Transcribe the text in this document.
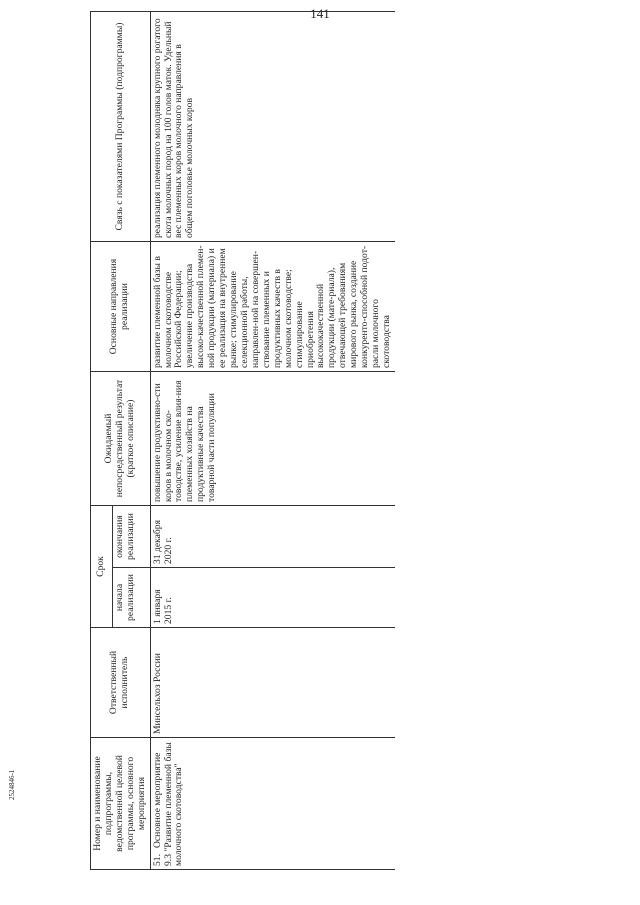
141
2524846-1	Номер и наименование подпрограммы, ведомственной целевой программы, основного мероприятия	Ответственный исполнитель	Срок		Ожидаемый непосредственный результат (краткое описание)	Основные направления реализации	Связь с показателями Программы (подпрограммы)
		начала реализации	окончания реализации			
51.Основное мероприятие 9.3 "Развитие племенной базы молочного скотоводства"	Минсельхоз России	1 января 2015 г.	31 декабря 2020 г.	повышение продуктивно-сти коров в молочном ско-товодстве, усиление влия-ния племенных хозяйств на продуктивные качества товарной части популяции	развитие племенной базы в молочном скотоводстве Российской Федерации; увеличение производства высоко-качественной племен-ной продукции (материала) и ее реализация на внутреннем рынке; стимулирование селекционной работы, направлен-ной на совершен-ствование племенных и продуктивных качеств в молочном скотоводстве; стимулирование приобретения высококачественной продукции (мате-риала), отвечающей требованиям мирового рынка, создание конкуренто-способной подот-расли молочного скотоводства	реализация племенного молодняка крупного рогатого скота молочных пород на 100 голов маток. Удельный вес племенных коров молочного направления в общем поголовье молочных коров
